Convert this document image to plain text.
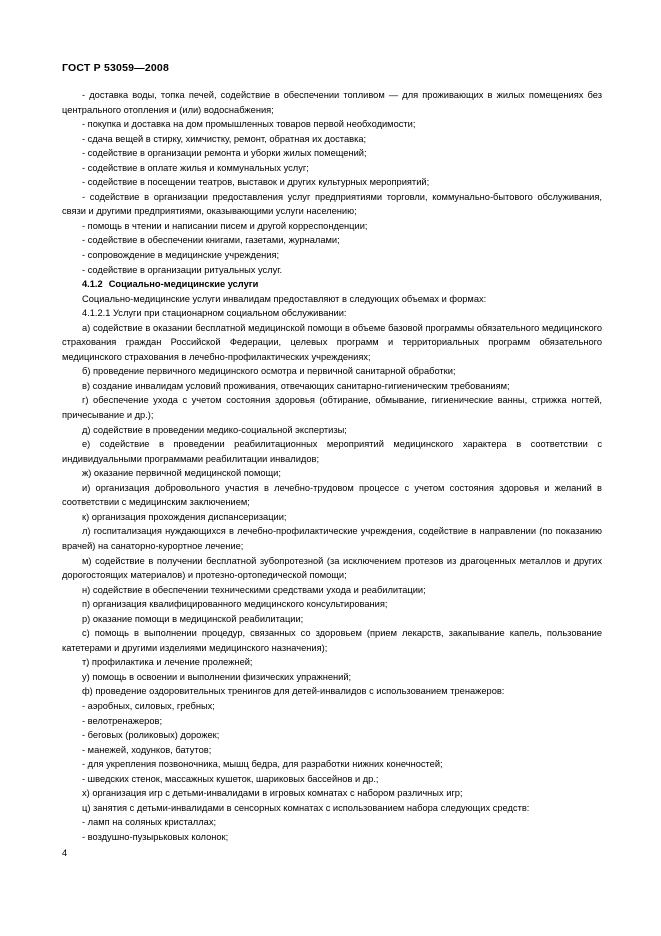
ГОСТ Р 53059—2008

- доставка воды, топка печей, содействие в обеспечении топливом — для проживающих в жилых помещениях без центрального отопления и (или) водоснабжения;

- покупка и доставка на дом промышленных товаров первой необходимости;

- сдача вещей в стирку, химчистку, ремонт, обратная их доставка;

- содействие в организации ремонта и уборки жилых помещений;

- содействие в оплате жилья и коммунальных услуг;

- содействие в посещении театров, выставок и других культурных мероприятий;

- содействие в организации предоставления услуг предприятиями торговли, коммунально-бытового обслуживания, связи и другими предприятиями, оказывающими услуги населению;

- помощь в чтении и написании писем и другой корреспонденции;

- содействие в обеспечении книгами, газетами, журналами;

- сопровождение в медицинские учреждения;

- содействие в организации ритуальных услуг.

4.1.2 Социально-медицинские услуги

Социально-медицинские услуги инвалидам предоставляют в следующих объемах и формах:

4.1.2.1 Услуги при стационарном социальном обслуживании:

а) содействие в оказании бесплатной медицинской помощи в объеме базовой программы обязательного медицинского страхования граждан Российской Федерации, целевых программ и территориальных программ обязательного медицинского страхования в лечебно-профилактических учреждениях;

б) проведение первичного медицинского осмотра и первичной санитарной обработки;

в) создание инвалидам условий проживания, отвечающих санитарно-гигиеническим требованиям;

г) обеспечение ухода с учетом состояния здоровья (обтирание, обмывание, гигиенические ванны, стрижка ногтей, причесывание и др.);

д) содействие в проведении медико-социальной экспертизы;

е) содействие в проведении реабилитационных мероприятий медицинского характера в соответствии с индивидуальными программами реабилитации инвалидов;

ж) оказание первичной медицинской помощи;

и) организация добровольного участия в лечебно-трудовом процессе с учетом состояния здоровья и желаний в соответствии с медицинским заключением;

к) организация прохождения диспансеризации;

л) госпитализация нуждающихся в лечебно-профилактические учреждения, содействие в направлении (по показанию врачей) на санаторно-курортное лечение;

м) содействие в получении бесплатной зубопротезной (за исключением протезов из драгоценных металлов и других дорогостоящих материалов) и протезно-ортопедической помощи;

н) содействие в обеспечении техническими средствами ухода и реабилитации;

п) организация квалифицированного медицинского консультирования;

р) оказание помощи в медицинской реабилитации;

с) помощь в выполнении процедур, связанных со здоровьем (прием лекарств, закапывание капель, пользование катетерами и другими изделиями медицинского назначения);

т) профилактика и лечение пролежней;

у) помощь в освоении и выполнении физических упражнений;

ф) проведение оздоровительных тренингов для детей-инвалидов с использованием тренажеров:

- аэробных, силовых, гребных;

- велотренажеров;

- беговых (роликовых) дорожек;

- манежей, ходунков, батутов;

- для укрепления позвоночника, мышц бедра, для разработки нижних конечностей;

- шведских стенок, массажных кушеток, шариковых бассейнов и др.;

х) организация игр с детьми-инвалидами в игровых комнатах с набором различных игр;

ц) занятия с детьми-инвалидами в сенсорных комнатах с использованием набора следующих средств:

- ламп на соляных кристаллах;

- воздушно-пузырьковых колонок;

4
